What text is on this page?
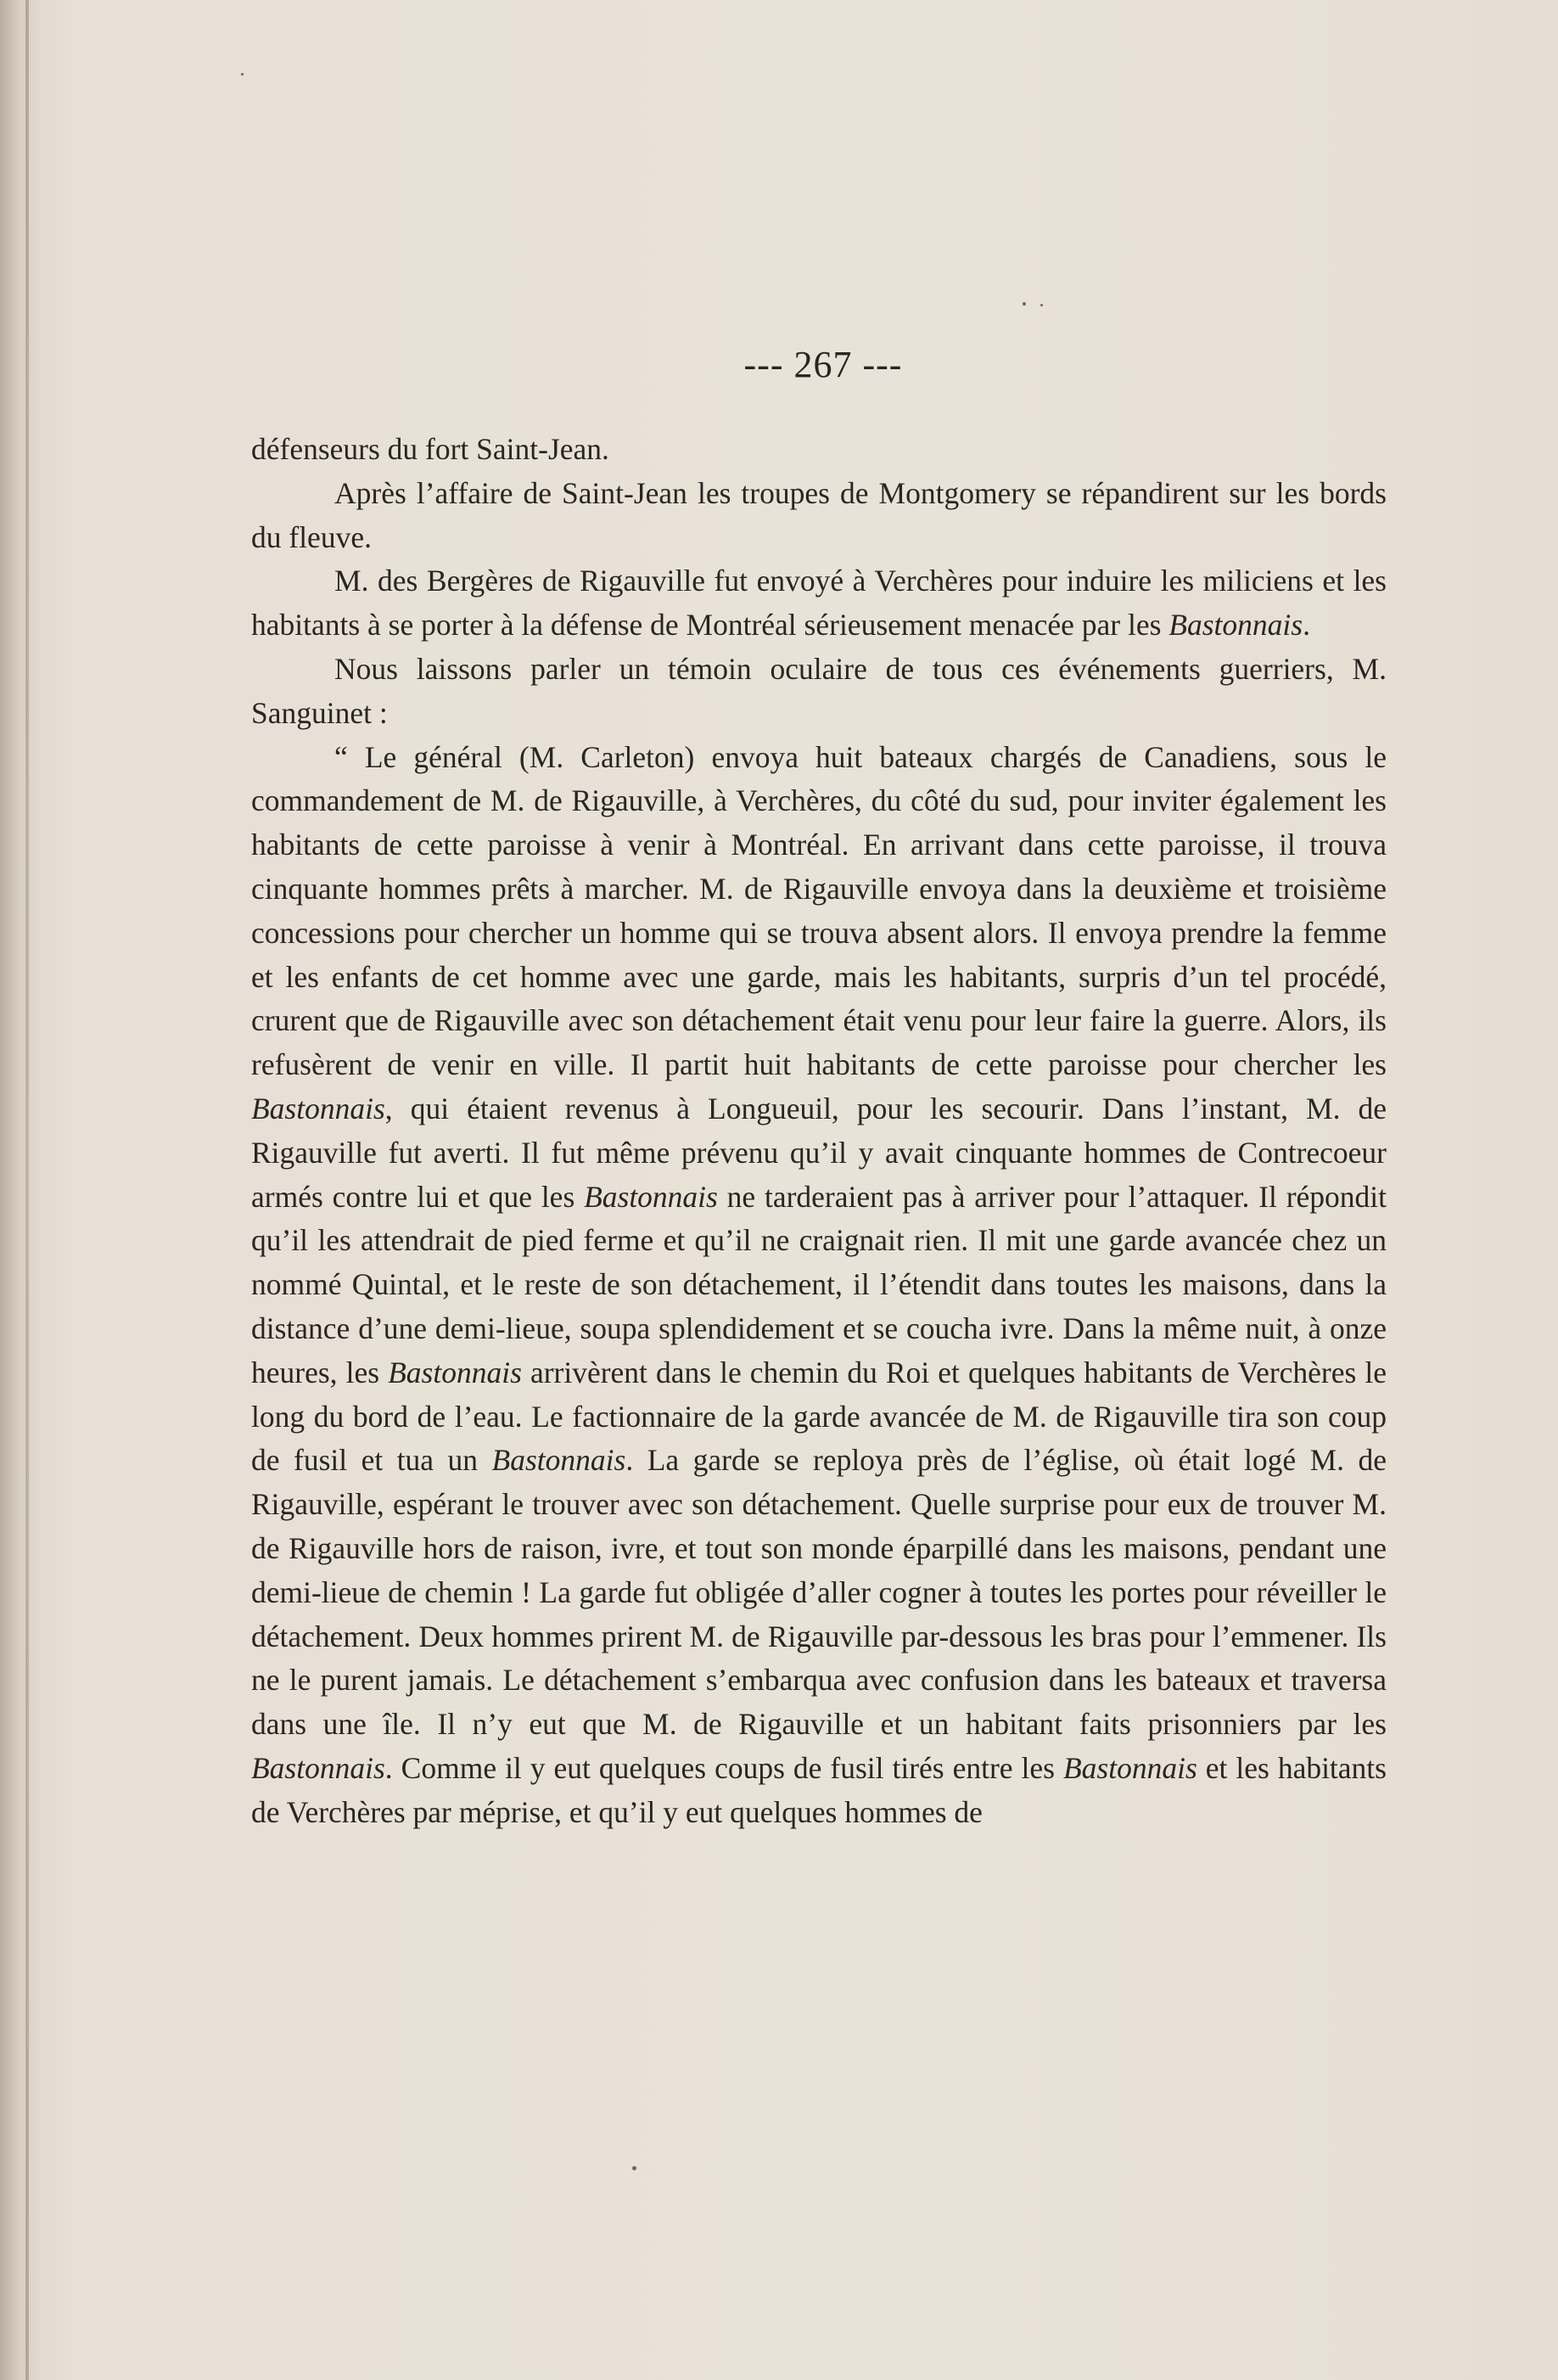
--- 267 ---

défenseurs du fort Saint-Jean.

Après l’affaire de Saint-Jean les troupes de Montgomery se répandirent sur les bords du fleuve.

M. des Bergères de Rigauville fut envoyé à Verchères pour induire les miliciens et les habitants à se porter à la défense de Montréal sérieusement menacée par les Bastonnais.

Nous laissons parler un témoin oculaire de tous ces événements guerriers, M. Sanguinet :

“ Le général (M. Carleton) envoya huit bateaux chargés de Canadiens, sous le commandement de M. de Rigauville, à Verchères, du côté du sud, pour inviter également les habitants de cette paroisse à venir à Montréal. En arrivant dans cette paroisse, il trouva cinquante hommes prêts à marcher. M. de Rigauville envoya dans la deuxième et troisième concessions pour chercher un homme qui se trouva absent alors. Il envoya prendre la femme et les enfants de cet homme avec une garde, mais les habitants, surpris d’un tel procédé, crurent que de Rigauville avec son détachement était venu pour leur faire la guerre. Alors, ils refusèrent de venir en ville. Il partit huit habitants de cette paroisse pour chercher les Bastonnais, qui étaient revenus à Longueuil, pour les secourir. Dans l’instant, M. de Rigauville fut averti. Il fut même prévenu qu’il y avait cinquante hommes de Contrecoeur armés contre lui et que les Bastonnais ne tarderaient pas à arriver pour l’attaquer. Il répondit qu’il les attendrait de pied ferme et qu’il ne craignait rien. Il mit une garde avancée chez un nommé Quintal, et le reste de son détachement, il l’étendit dans toutes les maisons, dans la distance d’une demi-lieue, soupa splendidement et se coucha ivre. Dans la même nuit, à onze heures, les Bastonnais arrivèrent dans le chemin du Roi et quelques habitants de Verchères le long du bord de l’eau. Le factionnaire de la garde avancée de M. de Rigauville tira son coup de fusil et tua un Bastonnais. La garde se reploya près de l’église, où était logé M. de Rigauville, espérant le trouver avec son détachement. Quelle surprise pour eux de trouver M. de Rigauville hors de raison, ivre, et tout son monde éparpillé dans les maisons, pendant une demi-lieue de chemin ! La garde fut obligée d’aller cogner à toutes les portes pour réveiller le détachement. Deux hommes prirent M. de Rigauville par-dessous les bras pour l’emmener. Ils ne le purent jamais. Le détachement s’embarqua avec confusion dans les bateaux et traversa dans une île. Il n’y eut que M. de Rigauville et un habitant faits prisonniers par les Bastonnais. Comme il y eut quelques coups de fusil tirés entre les Bastonnais et les habitants de Verchères par méprise, et qu’il y eut quelques hommes de
